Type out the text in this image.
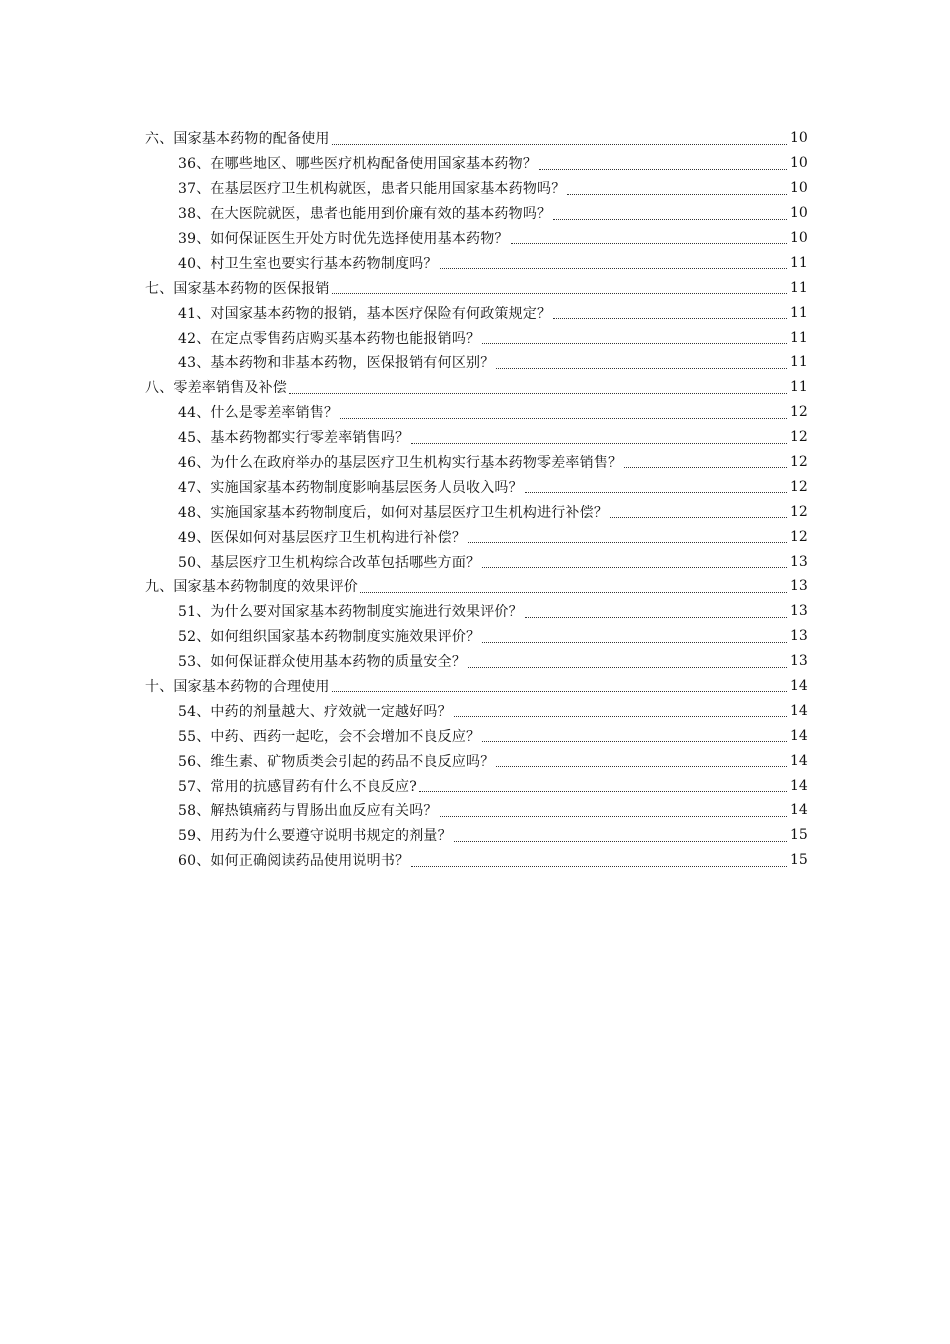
六、国家基本药物的配备使用	10
36、在哪些地区、哪些医疗机构配备使用国家基本药物？	10
37、在基层医疗卫生机构就医，患者只能用国家基本药物吗？	10
38、在大医院就医，患者也能用到价廉有效的基本药物吗？	10
39、如何保证医生开处方时优先选择使用基本药物？	10
40、村卫生室也要实行基本药物制度吗？	11
七、国家基本药物的医保报销	11
41、对国家基本药物的报销，基本医疗保险有何政策规定？	11
42、在定点零售药店购买基本药物也能报销吗？	11
43、基本药物和非基本药物，医保报销有何区别？	11
八、零差率销售及补偿	11
44、什么是零差率销售？	12
45、基本药物都实行零差率销售吗？	12
46、为什么在政府举办的基层医疗卫生机构实行基本药物零差率销售？	12
47、实施国家基本药物制度影响基层医务人员收入吗？	12
48、实施国家基本药物制度后，如何对基层医疗卫生机构进行补偿？	12
49、医保如何对基层医疗卫生机构进行补偿？	12
50、基层医疗卫生机构综合改革包括哪些方面？	13
九、国家基本药物制度的效果评价	13
51、为什么要对国家基本药物制度实施进行效果评价？	13
52、如何组织国家基本药物制度实施效果评价？	13
53、如何保证群众使用基本药物的质量安全？	13
十、国家基本药物的合理使用	14
54、中药的剂量越大、疗效就一定越好吗？	14
55、中药、西药一起吃，会不会增加不良反应？	14
56、维生素、矿物质类会引起的药品不良反应吗？	14
57、常用的抗感冒药有什么不良反应?	14
58、解热镇痛药与胃肠出血反应有关吗？	14
59、用药为什么要遵守说明书规定的剂量？	15
60、如何正确阅读药品使用说明书？	15
